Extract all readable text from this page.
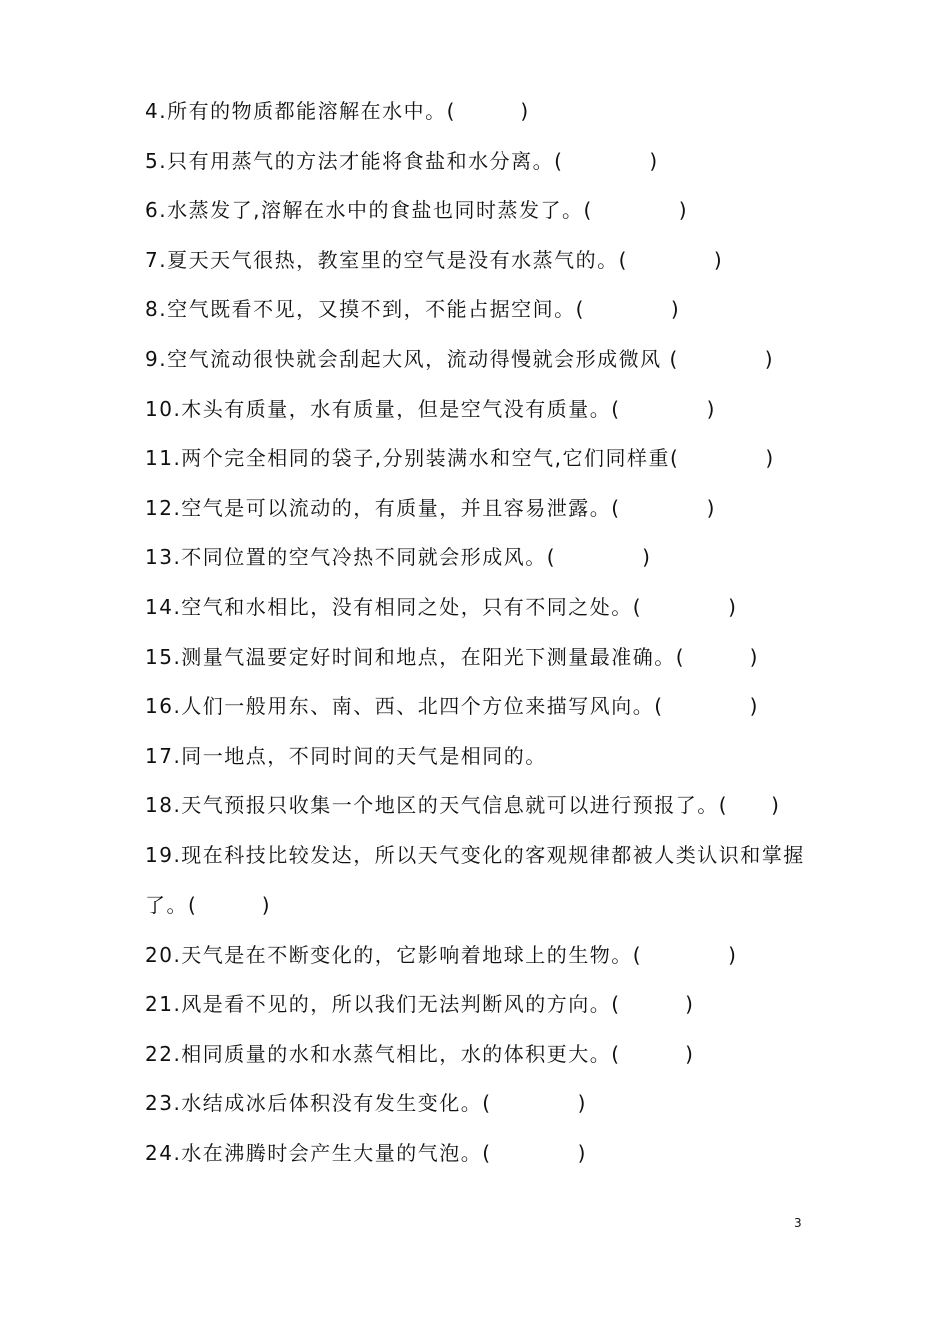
4.所有的物质都能溶解在水中。(　　　)
5.只有用蒸气的方法才能将食盐和水分离。(　　　　)
6.水蒸发了,溶解在水中的食盐也同时蒸发了。(　　　　)
7.夏天天气很热，教室里的空气是没有水蒸气的。(　　　　)
8.空气既看不见，又摸不到，不能占据空间。(　　　　)
9.空气流动很快就会刮起大风，流动得慢就会形成微风 (　　　　)
10.木头有质量，水有质量，但是空气没有质量。(　　　　)
11.两个完全相同的袋子,分别装满水和空气,它们同样重(　　　　)
12.空气是可以流动的，有质量，并且容易泄露。(　　　　)
13.不同位置的空气冷热不同就会形成风。(　　　　)
14.空气和水相比，没有相同之处，只有不同之处。(　　　　)
15.测量气温要定好时间和地点，在阳光下测量最准确。(　　　)
16.人们一般用东、南、西、北四个方位来描写风向。(　　　　)
17.同一地点，不同时间的天气是相同的。
18.天气预报只收集一个地区的天气信息就可以进行预报了。(　　)
19.现在科技比较发达，所以天气变化的客观规律都被人类认识和掌握了。(　　　)
20.天气是在不断变化的，它影响着地球上的生物。(　　　　)
21.风是看不见的，所以我们无法判断风的方向。(　　　)
22.相同质量的水和水蒸气相比，水的体积更大。(　　　)
23.水结成冰后体积没有发生变化。(　　　　)
24.水在沸腾时会产生大量的气泡。(　　　　)
3
